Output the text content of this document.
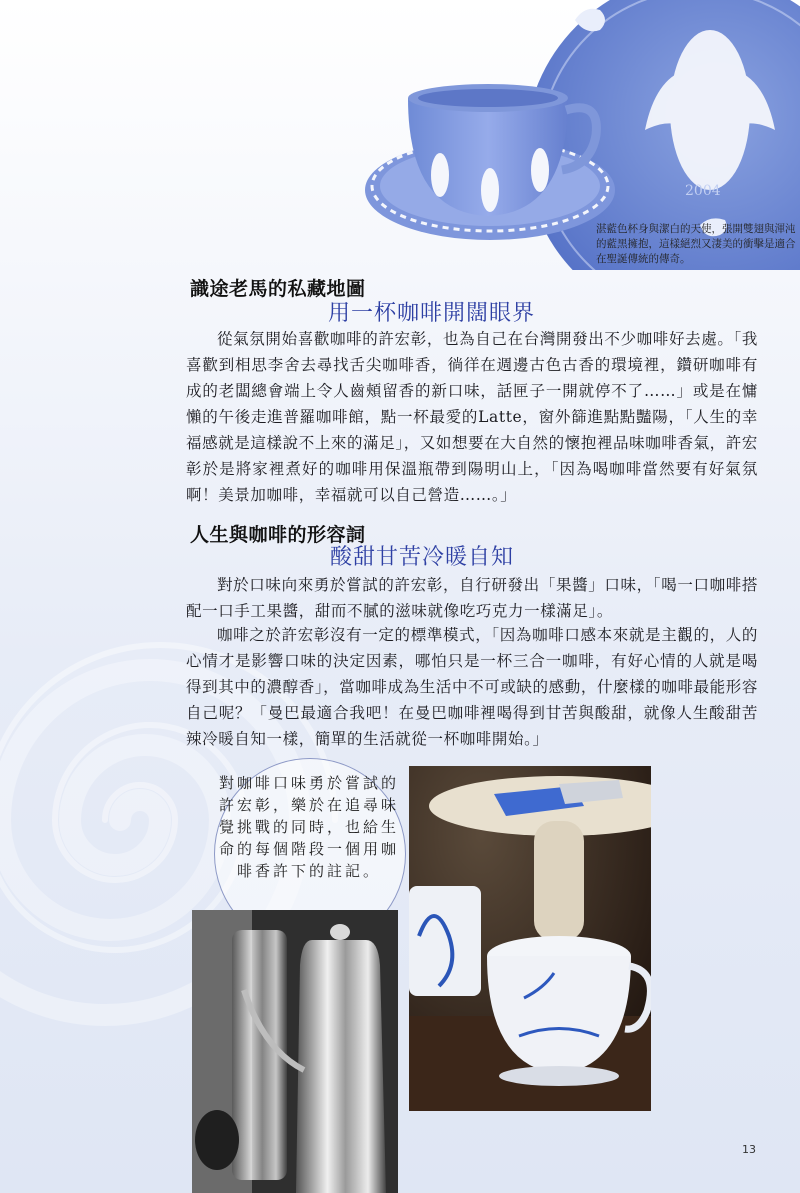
2004
湛藍色杯身與潔白的天使，張開雙翅與渾沌的藍黑擁抱，這樣絕烈又淒美的衝擊是適合在聖誕傳統的傳奇。
識途老馬的私藏地圖
用一杯咖啡開闊眼界

從氣氛開始喜歡咖啡的許宏彰，也為自己在台灣開發出不少咖啡好去處。「我喜歡到相思李舍去尋找舌尖咖啡香，徜徉在週邊古色古香的環境裡，鑽研咖啡有成的老闆總會端上令人齒頰留香的新口味，話匣子一開就停不了……」或是在慵懶的午後走進普羅咖啡館，點一杯最愛的Latte，窗外篩進點點豔陽，「人生的幸福感就是這樣說不上來的滿足」，又如想要在大自然的懷抱裡品味咖啡香氣，許宏彰於是將家裡煮好的咖啡用保溫瓶帶到陽明山上，「因為喝咖啡當然要有好氣氛啊！美景加咖啡，幸福就可以自己營造……。」

人生與咖啡的形容詞
酸甜甘苦冷暖自知

對於口味向來勇於嘗試的許宏彰，自行研發出「果醬」口味，「喝一口咖啡搭配一口手工果醬，甜而不膩的滋味就像吃巧克力一樣滿足」。

咖啡之於許宏彰沒有一定的標準模式，「因為咖啡口感本來就是主觀的，人的心情才是影響口味的決定因素，哪怕只是一杯三合一咖啡，有好心情的人就是喝得到其中的濃醇香」，當咖啡成為生活中不可或缺的感動，什麼樣的咖啡最能形容自己呢？「曼巴最適合我吧！在曼巴咖啡裡喝得到甘苦與酸甜，就像人生酸甜苦辣冷暖自知一樣，簡單的生活就從一杯咖啡開始。」

對咖啡口味勇於嘗試的許宏彰，樂於在追尋味覺挑戰的同時，也給生命的每個階段一個用咖啡香許下的註記。

13
